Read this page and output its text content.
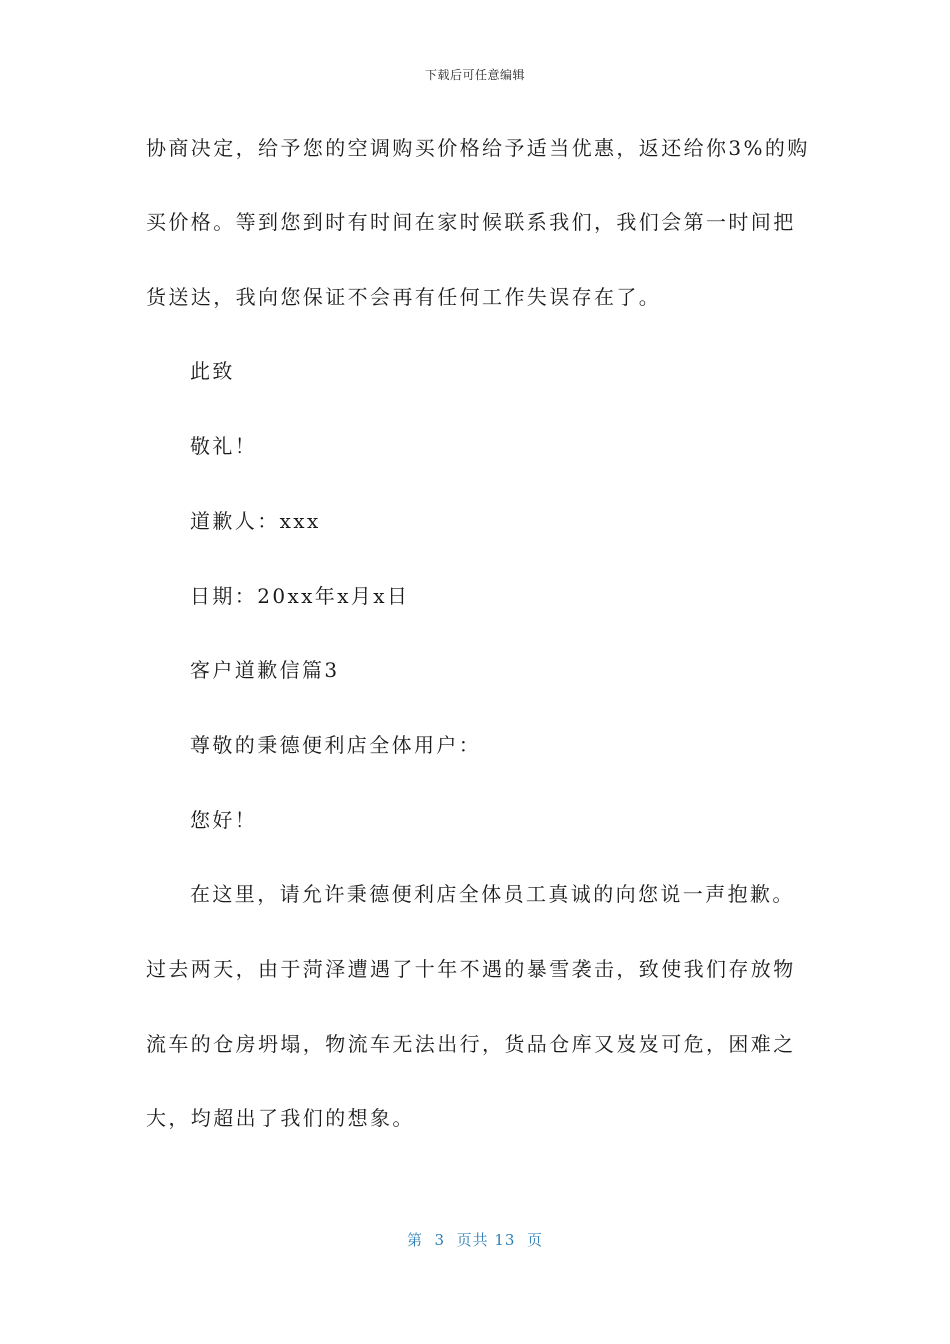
下载后可任意编辑
协商决定，给予您的空调购买价格给予适当优惠，返还给你3%的购
买价格。等到您到时有时间在家时候联系我们，我们会第一时间把
货送达，我向您保证不会再有任何工作失误存在了。
此致
敬礼！
道歉人：xxx
日期：20xx年x月x日
客户道歉信篇3
尊敬的秉德便利店全体用户：
您好！
在这里，请允许秉德便利店全体员工真诚的向您说一声抱歉。
过去两天，由于菏泽遭遇了十年不遇的暴雪袭击，致使我们存放物
流车的仓房坍塌，物流车无法出行，货品仓库又岌岌可危，困难之
大，均超出了我们的想象。
第  3  页共 13  页
